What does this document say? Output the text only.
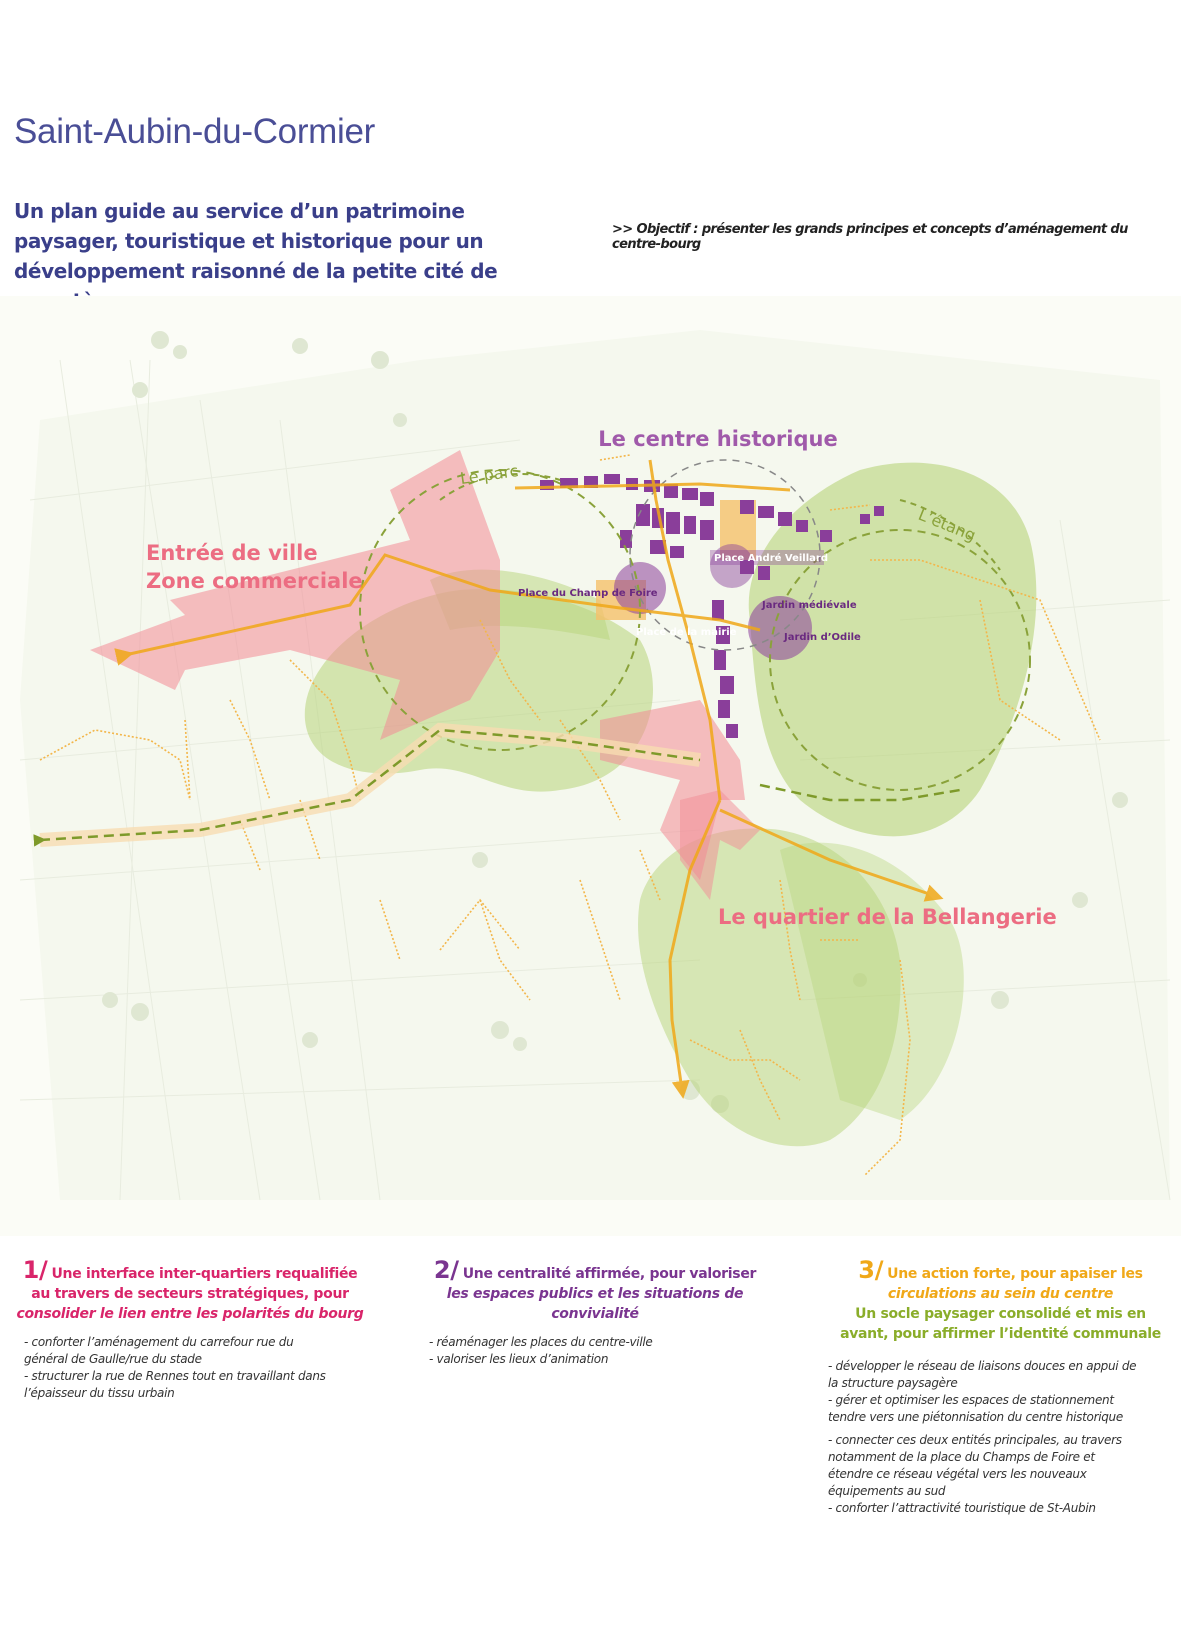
Saint-Aubin-du-Cormier
Un plan guide au service d’un patrimoine
paysager, touristique et historique pour un
développement raisonné de la petite cité de
>> Objectif : présenter les grands principes et concepts d’aménagement du centre-bourg
Le centre historique
Le parc
L’étang
Entrée de ville
Zone commerciale
Le quartier de la Bellangerie
Place André Veillard
Place du Champ de Foire
Place de la mairie
Jardin médiévale
Jardin d’Odile
1/ Une interface inter-quartiers requalifiée
au travers de secteurs stratégiques, pour
consolider le lien entre les polarités du bourg
- conforter l’aménagement du carrefour rue du
général de Gaulle/rue du stade
- structurer la rue de Rennes tout en travaillant dans
l’épaisseur du tissu urbain
2/ Une centralité affirmée, pour valoriser
les espaces publics et les situations de
convivialité
- réaménager les places du centre-ville
- valoriser les lieux d’animation
3/ Une action forte, pour apaiser les
circulations au sein du centre
Un socle paysager consolidé et mis en
avant, pour affirmer l’identité communale
- développer le réseau de liaisons douces en appui de
la structure paysagère
- gérer et optimiser les espaces de stationnement
tendre vers une piétonnisation du centre historique
- connecter ces deux entités principales, au travers
notamment de la place du Champs de Foire et
étendre ce réseau végétal vers les nouveaux
équipements au sud
- conforter l’attractivité touristique de St-Aubin
